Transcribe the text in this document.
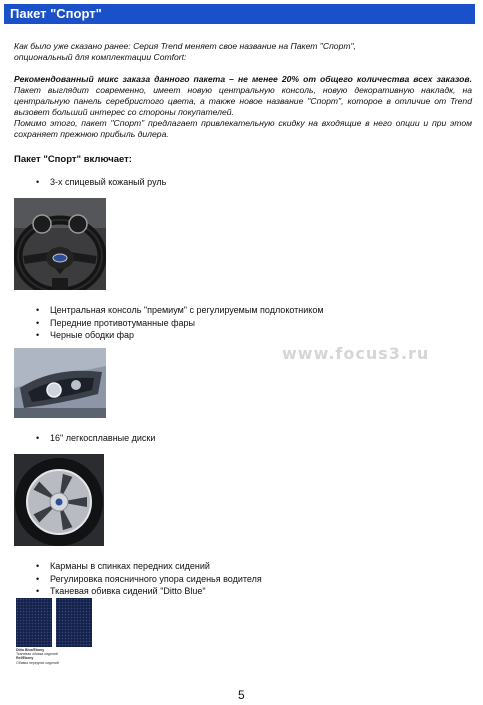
Пакет "Спорт"
Как было уже сказано ранее: Серия Trend меняет свое название на Пакет "Спорт",
опциональный для комплектации Comfort:
Рекомендованный микс заказа данного пакета – не менее 20% от общего количества всех заказов. Пакет выглядит современно, имеет новую центральную консоль, новую декоративную накладк, на центральную панель серебристого цвета, а также новое название "Спорт", которое в отличие от Trend вызовет больший интерес со стороны покупателей.
Помимо этого, пакет "Спорт" предлагает привлекательную скидку на входящие в него опции и при этом сохраняет прежнюю прибыль дилера.
Пакет "Спорт" включает:
• 3-х спицевый кожаный руль
• Центральная консоль "премиум" с регулируемым подлокотником
• Передние противотуманные фары
• Черные ободки фар
www.focus3.ru
• 16" легкосплавные диски
• Карманы в спинках передних сидений
• Регулировка поясничного упора сиденья водителя
• Тканевая обивка сидений "Ditto Blue"
Ditto Blue/Ebony
Тканевая обивка сидений
Ref/Ebony
Обивка передних сидений
5
